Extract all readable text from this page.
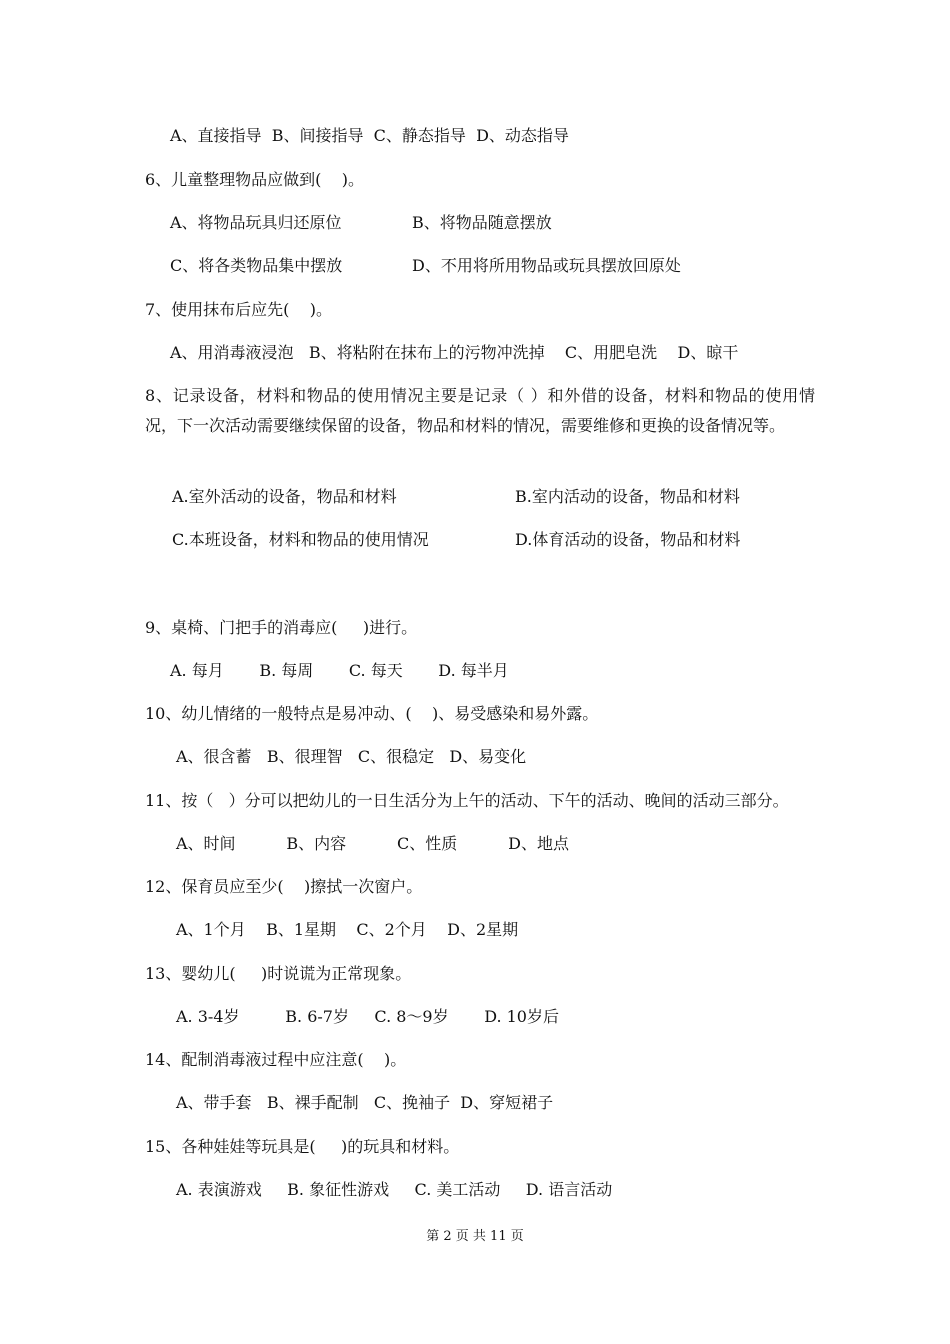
A、直接指导  B、间接指导  C、静态指导  D、动态指导
6、儿童整理物品应做到(    )。
A、将物品玩具归还原位	B、将物品随意摆放
C、将各类物品集中摆放	D、不用将所用物品或玩具摆放回原处
7、使用抹布后应先(    )。
A、用消毒液浸泡   B、将粘附在抹布上的污物冲洗掉    C、用肥皂洗    D、晾干
8、记录设备，材料和物品的使用情况主要是记录（ ）和外借的设备，材料和物品的使用情况，下一次活动需要继续保留的设备，物品和材料的情况，需要维修和更换的设备情况等。
A.室外活动的设备，物品和材料	B.室内活动的设备，物品和材料
C.本班设备，材料和物品的使用情况	D.体育活动的设备，物品和材料
9、桌椅、门把手的消毒应(     )进行。
A. 每月       B. 每周       C. 每天       D. 每半月
10、幼儿情绪的一般特点是易冲动、(    )、易受感染和易外露。
A、很含蓄   B、很理智   C、很稳定   D、易变化
11、按（   ）分可以把幼儿的一日生活分为上午的活动、下午的活动、晚间的活动三部分。
A、时间          B、内容          C、性质          D、地点
12、保育员应至少(    )擦拭一次窗户。
A、1个月    B、1星期    C、2个月    D、2星期
13、婴幼儿(     )时说谎为正常现象。
A. 3-4岁         B. 6-7岁     C. 8～9岁       D. 10岁后
14、配制消毒液过程中应注意(    )。
A、带手套   B、裸手配制   C、挽袖子  D、穿短裙子
15、各种娃娃等玩具是(     )的玩具和材料。
A. 表演游戏     B. 象征性游戏     C. 美工活动     D. 语言活动
第 2 页 共 11 页
